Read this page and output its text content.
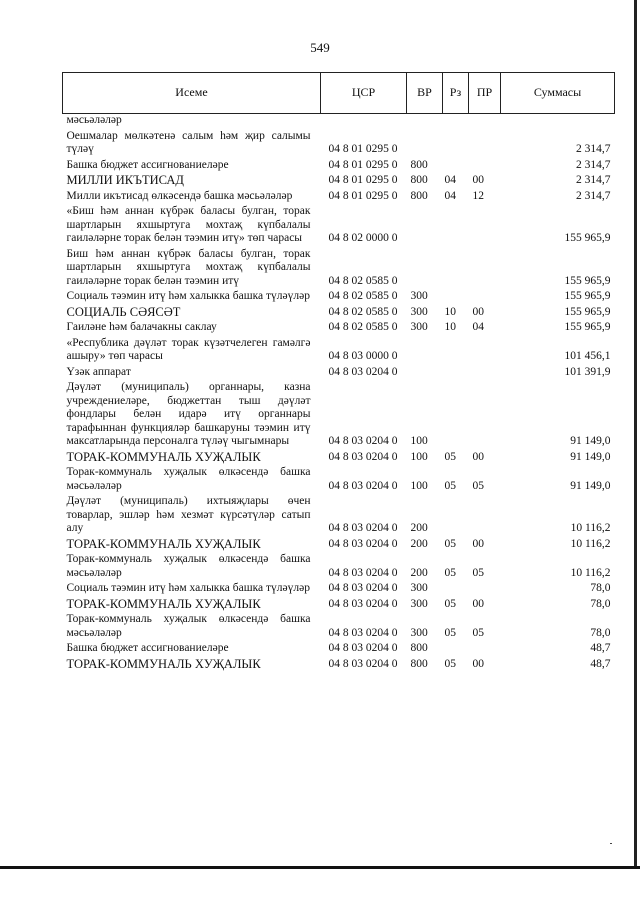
549
Исеме	ЦСР	ВР	Рз	ПР	Суммасы
мәсьәләләр					
Оешмалар мөлкәтенә салым һәм җир салымы түләү	04 8 01 0295 0				2 314,7
Башка бюджет ассигнованиеләре	04 8 01 0295 0	800			2 314,7
МИЛЛИ ИКЪТИСАД	04 8 01 0295 0	800	04	00	2 314,7
Милли икътисад өлкәсендә башка мәсьәләләр	04 8 01 0295 0	800	04	12	2 314,7
«Биш һәм аннан күбрәк баласы булган, торак шартларын яхшыртуга мохтаҗ күпбалалы гаиләләрне торак белән тәэмин итү» төп чарасы	04 8 02 0000 0				155 965,9
Биш һәм аннан күбрәк баласы булган, торак шартларын яхшыртуга мохтаҗ күпбалалы гаиләләрне торак белән тәэмин итү	04 8 02 0585 0				155 965,9
Социаль тәэмин итү һәм халыкка башка түләүләр	04 8 02 0585 0	300			155 965,9
СОЦИАЛЬ СӘЯСӘТ	04 8 02 0585 0	300	10	00	155 965,9
Гаиләне һәм балачакны саклау	04 8 02 0585 0	300	10	04	155 965,9
«Республика дәүләт торак күзәтчелеген гамәлгә ашыру» төп чарасы	04 8 03 0000 0				101 456,1
Үзәк аппарат	04 8 03 0204 0				101 391,9
Дәүләт (муниципаль) органнары, казна учреждениеләре, бюджеттан тыш дәүләт фондлары белән идарә итү органнары тарафыннан функцияләр башкаруны тәэмин итү максатларында персоналга түләү чыгымнары	04 8 03 0204 0	100			91 149,0
ТОРАК-КОММУНАЛЬ ХУҖАЛЫК	04 8 03 0204 0	100	05	00	91 149,0
Торак-коммуналь хуҗалык өлкәсендә башка мәсьәләләр	04 8 03 0204 0	100	05	05	91 149,0
Дәүләт (муниципаль) ихтыяҗлары өчен товарлар, эшләр һәм хезмәт күрсәтүләр сатып алу	04 8 03 0204 0	200			10 116,2
ТОРАК-КОММУНАЛЬ ХУҖАЛЫК	04 8 03 0204 0	200	05	00	10 116,2
Торак-коммуналь хуҗалык өлкәсендә башка мәсьәләләр	04 8 03 0204 0	200	05	05	10 116,2
Социаль тәэмин итү һәм халыкка башка түләүләр	04 8 03 0204 0	300			78,0
ТОРАК-КОММУНАЛЬ ХУҖАЛЫК	04 8 03 0204 0	300	05	00	78,0
Торак-коммуналь хуҗалык өлкәсендә башка мәсьәләләр	04 8 03 0204 0	300	05	05	78,0
Башка бюджет ассигнованиеләре	04 8 03 0204 0	800			48,7
ТОРАК-КОММУНАЛЬ ХУҖАЛЫК	04 8 03 0204 0	800	05	00	48,7
